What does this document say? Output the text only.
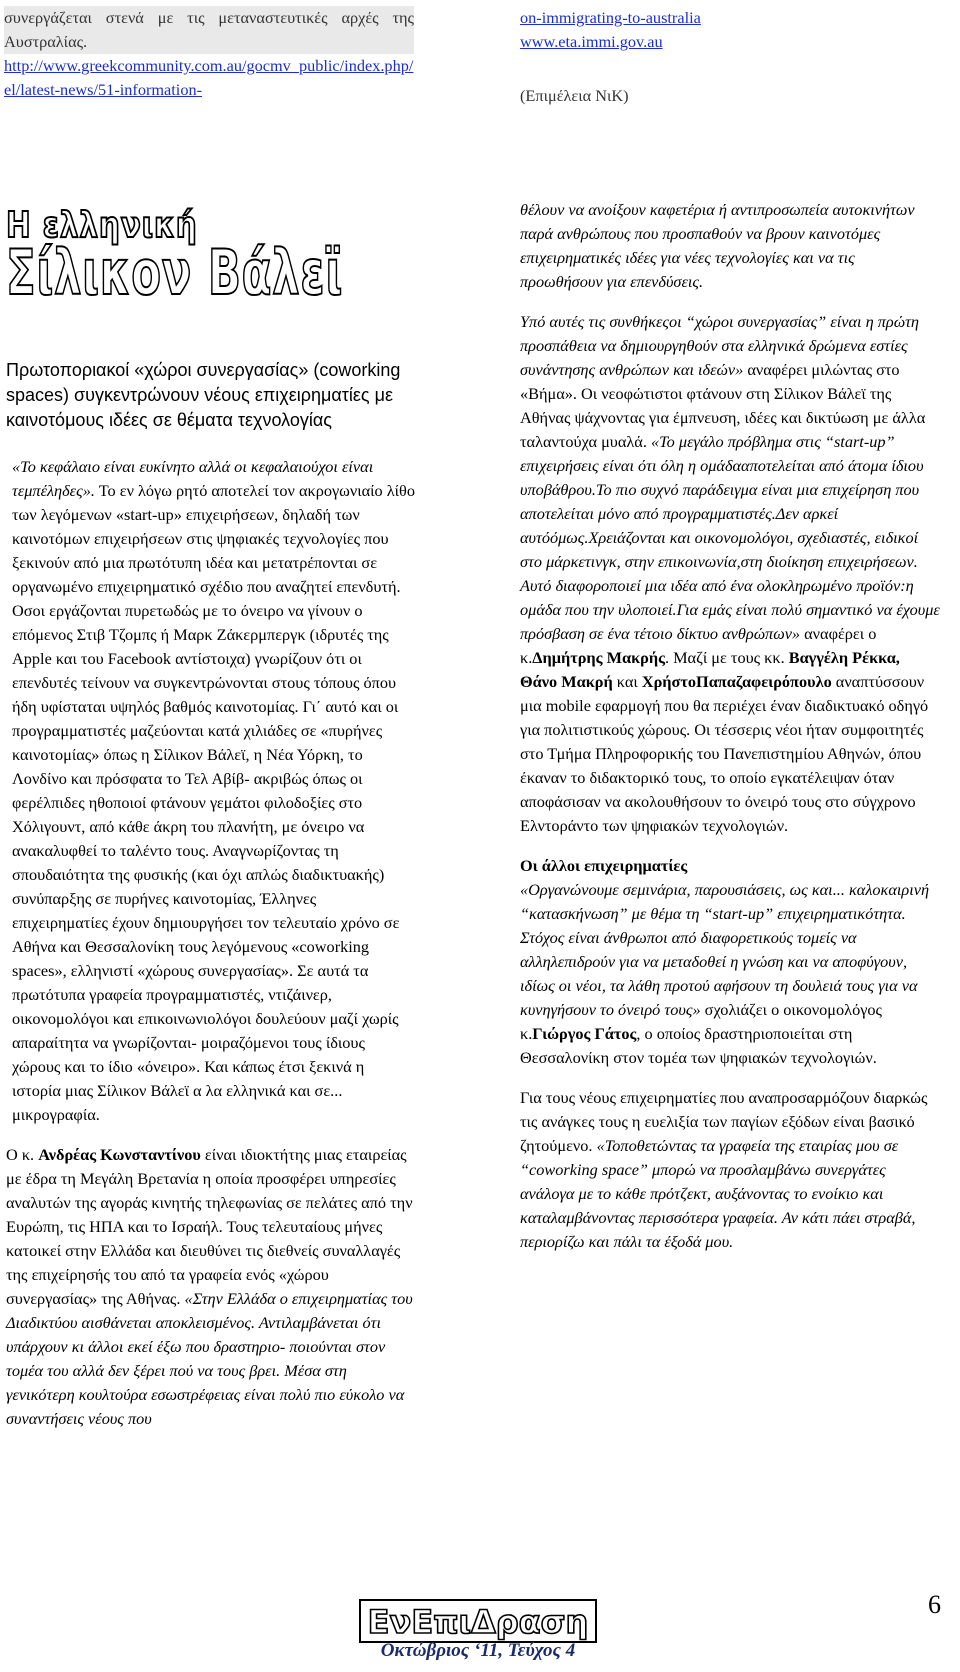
συνεργάζεται στενά με τις μεταναστευτικές αρχές της Αυστραλίας.

http://www.greekcommunity.com.au/gocmv_public/index.php/el/latest-news/51-information-

on-immigrating-to-australia

www.eta.immi.gov.au

(Επιμέλεια ΝιΚ)

Η ελληνική
Σίλικον Βάλεϊ

Πρωτοποριακοί «χώροι συνεργασίας» (coworking spaces) συγκεντρώνουν νέους επιχειρηματίες με καινοτόμους ιδέες σε θέματα τεχνολογίας

«Το κεφάλαιο είναι ευκίνητο αλλά οι κεφαλαιούχοι είναι τεμπέληδες». Το εν λόγω ρητό αποτελεί τον ακρογωνιαίο λίθο των λεγόμενων «start-up» επιχειρήσεων, δηλαδή των καινοτόμων επιχειρήσεων στις ψηφιακές τεχνολογίες που ξεκινούν από μια πρωτότυπη ιδέα και μετατρέπονται σε οργανωμένο επιχειρηματικό σχέδιο που αναζητεί επενδυτή. Οσοι εργάζονται πυρετωδώς με το όνειρο να γίνουν ο επόμενος Στιβ Τζομπς ή Μαρκ Ζάκερμπεργκ (ιδρυτές της Apple και του Facebook αντίστοιχα) γνωρίζουν ότι οι επενδυτές τείνουν να συγκεντρώνονται στους τόπους όπου ήδη υφίσταται υψηλός βαθμός καινοτομίας. Γι΄ αυτό και οι προγραμματιστές μαζεύονται κατά χιλιάδες σε «πυρήνες καινοτομίας» όπως η Σίλικον Βάλεϊ, η Νέα Υόρκη, το Λονδίνο και πρόσφατα το Τελ Αβίβ- ακριβώς όπως οι φερέλπιδες ηθοποιοί φτάνουν γεμάτοι φιλοδοξίες στο Χόλιγουντ, από κάθε άκρη του πλανήτη, με όνειρο να ανακαλυφθεί το ταλέντο τους. Αναγνωρίζοντας τη σπουδαιότητα της φυσικής (και όχι απλώς διαδικτυακής) συνύπαρξης σε πυρήνες καινοτομίας, Έλληνες επιχειρηματίες έχουν δημιουργήσει τον τελευταίο χρόνο σε Αθήνα και Θεσσαλονίκη τους λεγόμενους «coworking spaces», ελληνιστί «χώρους συνεργασίας». Σε αυτά τα πρωτότυπα γραφεία προγραμματιστές, ντιζάινερ, οικονομολόγοι και επικοινωνιολόγοι δουλεύουν μαζί χωρίς απαραίτητα να γνωρίζονται- μοιραζόμενοι τους ίδιους χώρους και το ίδιο «όνειρο». Και κάπως έτσι ξεκινά η ιστορία μιας Σίλικον Βάλεϊ α λα ελληνικά και σε... μικρογραφία.

Ο κ. Ανδρέας Κωνσταντίνου είναι ιδιοκτήτης μιας εταιρείας με έδρα τη Μεγάλη Βρετανία η οποία προσφέρει υπηρεσίες αναλυτών της αγοράς κινητής τηλεφωνίας σε πελάτες από την Ευρώπη, τις ΗΠΑ και το Ισραήλ. Τους τελευταίους μήνες κατοικεί στην Ελλάδα και διευθύνει τις διεθνείς συναλλαγές της επιχείρησής του από τα γραφεία ενός «χώρου συνεργασίας» της Αθήνας. «Στην Ελλάδα ο επιχειρηματίας του Διαδικτύου αισθάνεται αποκλεισμένος. Αντιλαμβάνεται ότι υπάρχουν κι άλλοι εκεί έξω που δραστηριο- ποιούνται στον τομέα του αλλά δεν ξέρει πού να τους βρει. Μέσα στη γενικότερη κουλτούρα εσωστρέφειας είναι πολύ πιο εύκολο να συναντήσεις νέους που

θέλουν να ανοίξουν καφετέρια ή αντιπροσωπεία αυτοκινήτων παρά ανθρώπους που προσπαθούν να βρουν καινοτόμες επιχειρηματικές ιδέες για νέες τεχνολογίες και να τις προωθήσουν για επενδύσεις.

Υπό αυτές τις συνθήκεςοι “χώροι συνεργασίας” είναι η πρώτη προσπάθεια να δημιουργηθούν στα ελληνικά δρώμενα εστίες συνάντησης ανθρώπων και ιδεών» αναφέρει μιλώντας στο «Βήμα». Οι νεοφώτιστοι φτάνουν στη Σίλικον Βάλεϊ της Αθήνας ψάχνοντας για έμπνευση, ιδέες και δικτύωση με άλλα ταλαντούχα μυαλά. «Το μεγάλο πρόβλημα στις “start-up” επιχειρήσεις είναι ότι όλη η ομάδααποτελείται από άτομα ίδιου υποβάθρου.Το πιο συχνό παράδειγμα είναι μια επιχείρηση που αποτελείται μόνο από προγραμματιστές.Δεν αρκεί αυτόόμως.Χρειάζονται και οικονομολόγοι, σχεδιαστές, ειδικοί στο μάρκετινγκ, στην επικοινωνία,στη διοίκηση επιχειρήσεων. Αυτό διαφοροποιεί μια ιδέα από ένα ολοκληρωμένο προϊόν:η ομάδα που την υλοποιεί.Για εμάς είναι πολύ σημαντικό να έχουμε πρόσβαση σε ένα τέτοιο δίκτυο ανθρώπων» αναφέρει ο κ.Δημήτρης Μακρής. Μαζί με τους κκ. Βαγγέλη Ρέκκα, Θάνο Μακρή και ΧρήστοΠαπαζαφειρόπουλο αναπτύσσουν μια mobile εφαρμογή που θα περιέχει έναν διαδικτυακό οδηγό για πολιτιστικούς χώρους. Οι τέσσερις νέοι ήταν συμφοιτητές στο Τμήμα Πληροφορικής του Πανεπιστημίου Αθηνών, όπου έκαναν το διδακτορικό τους, το οποίο εγκατέλειψαν όταν αποφάσισαν να ακολουθήσουν το όνειρό τους στο σύγχρονο Ελντοράντο των ψηφιακών τεχνολογιών.

Οι άλλοι επιχειρηματίες

«Οργανώνουμε σεμινάρια, παρουσιάσεις, ως και... καλοκαιρινή “κατασκήνωση” με θέμα τη “start-up” επιχειρηματικότητα. Στόχος είναι άνθρωποι από διαφορετικούς τομείς να αλληλεπιδρούν για να μεταδοθεί η γνώση και να αποφύγουν, ιδίως οι νέοι, τα λάθη προτού αφήσουν τη δουλειά τους για να κυνηγήσουν το όνειρό τους» σχολιάζει ο οικονομολόγος κ.Γιώργος Γάτος, ο οποίος δραστηριοποιείται στη Θεσσαλονίκη στον τομέα των ψηφιακών τεχνολογιών.

Για τους νέους επιχειρηματίες που αναπροσαρμόζουν διαρκώς τις ανάγκες τους η ευελιξία των παγίων εξόδων είναι βασικό ζητούμενο. «Τοποθετώντας τα γραφεία της εταιρίας μου σε “coworking space” μπορώ να προσλαμβάνω συνεργάτες ανάλογα με το κάθε πρότζεκτ, αυξάνοντας το ενοίκιο και καταλαμβάνοντας περισσότερα γραφεία. Αν κάτι πάει στραβά, περιορίζω και πάλι τα έξοδά μου.

ΕνΕπιΔραση
Οκτώβριος ‘11, Τεύχος 4
6
